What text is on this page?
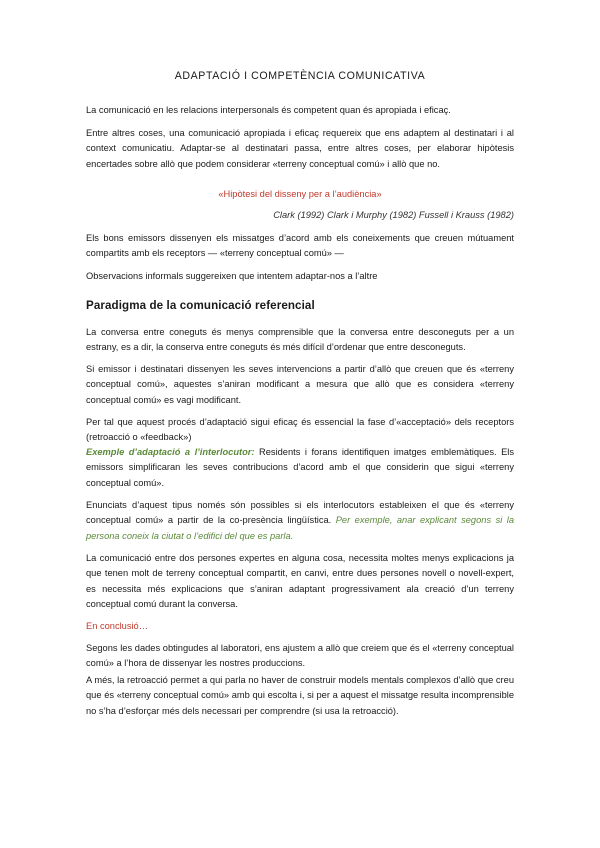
ADAPTACIÓ I COMPETÈNCIA COMUNICATIVA

La comunicació en les relacions interpersonals és competent quan és apropiada i eficaç.

Entre altres coses, una comunicació apropiada i eficaç requereix que ens adaptem al destinatari i al context comunicatiu. Adaptar-se al destinatari passa, entre altres coses, per elaborar hipòtesis encertades sobre allò que podem considerar «terreny conceptual comú» i allò que no.

«Hipòtesi del disseny per a l’audiència»

Clark (1992) Clark i Murphy (1982) Fussell i Krauss (1982)

Els bons emissors dissenyen els missatges d’acord amb els coneixements que creuen mútuament compartits amb els receptors — «terreny conceptual comú» —

Observacions informals suggereixen que intentem adaptar-nos a l’altre

Paradigma de la comunicació referencial

La conversa entre coneguts és menys comprensible que la conversa entre desconeguts per a un estrany, es a dir, la conserva entre coneguts és més difícil d’ordenar que entre desconeguts.

Si emissor i destinatari dissenyen les seves intervencions a partir d’allò que creuen que és «terreny conceptual comú», aquestes s’aniran modificant a mesura que allò que es considera «terreny conceptual comú» es vagi modificant.

Per tal que aquest procés d’adaptació sigui eficaç és essencial la fase d’«acceptació» dels receptors (retroacció o «feedback»)

Exemple d’adaptació a l’interlocutor: Residents i forans identifiquen imatges emblemàtiques. Els emissors simplificaran les seves contribucions d’acord amb el que considerin que sigui «terreny conceptual comú».

Enunciats d’aquest tipus només són possibles si els interlocutors estableixen el que és «terreny conceptual comú» a partir de la co-presència lingüística. Per exemple, anar explicant segons si la persona coneix la ciutat o l’edifici del que es parla.

La comunicació entre dos persones expertes en alguna cosa, necessita moltes menys explicacions ja que tenen molt de terreny conceptual compartit, en canvi, entre dues persones novell o novell-expert, es necessita més explicacions que s’aniran adaptant progressivament ala creació d’un terreny conceptual comú durant la conversa.

En conclusió…

Segons les dades obtingudes al laboratori, ens ajustem a allò que creiem que és el «terreny conceptual comú» a l’hora de dissenyar les nostres produccions.

A més, la retroacció permet a qui parla no haver de construir models mentals complexos d’allò que creu que és «terreny conceptual comú» amb qui escolta i, si per a aquest el missatge resulta incomprensible no s’ha d’esforçar més dels necessari per comprendre (si usa la retroacció).
